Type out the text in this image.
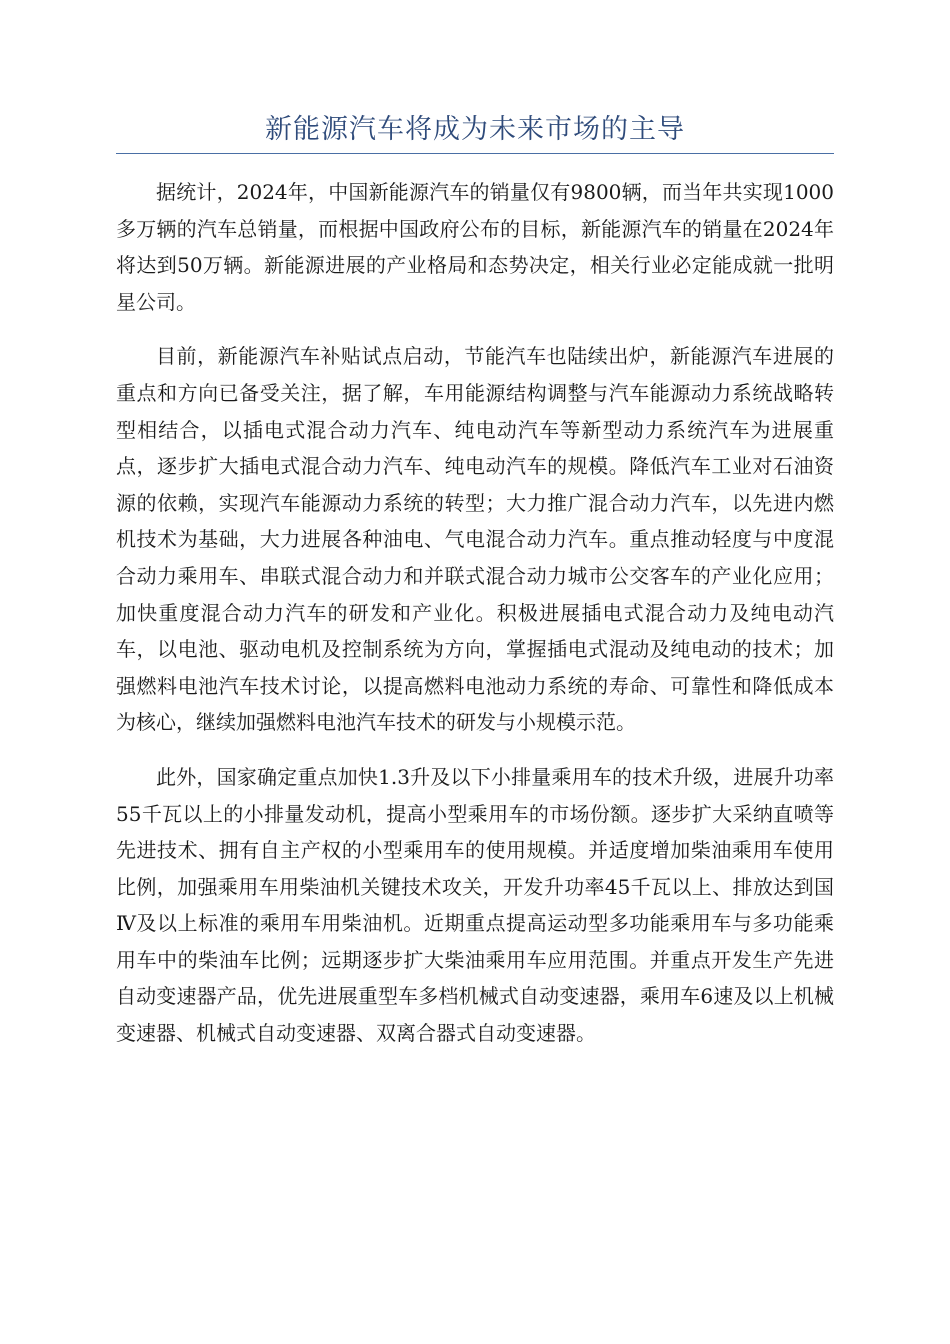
新能源汽车将成为未来市场的主导

据统计，2024年，中国新能源汽车的销量仅有9800辆，而当年共实现1000多万辆的汽车总销量，而根据中国政府公布的目标，新能源汽车的销量在2024年将达到50万辆。新能源进展的产业格局和态势决定，相关行业必定能成就一批明星公司。

目前，新能源汽车补贴试点启动，节能汽车也陆续出炉，新能源汽车进展的重点和方向已备受关注，据了解，车用能源结构调整与汽车能源动力系统战略转型相结合，以插电式混合动力汽车、纯电动汽车等新型动力系统汽车为进展重点，逐步扩大插电式混合动力汽车、纯电动汽车的规模。降低汽车工业对石油资源的依赖，实现汽车能源动力系统的转型；大力推广混合动力汽车，以先进内燃机技术为基础，大力进展各种油电、气电混合动力汽车。重点推动轻度与中度混合动力乘用车、串联式混合动力和并联式混合动力城市公交客车的产业化应用；加快重度混合动力汽车的研发和产业化。积极进展插电式混合动力及纯电动汽车，以电池、驱动电机及控制系统为方向，掌握插电式混动及纯电动的技术；加强燃料电池汽车技术讨论，以提高燃料电池动力系统的寿命、可靠性和降低成本为核心，继续加强燃料电池汽车技术的研发与小规模示范。

此外，国家确定重点加快1.3升及以下小排量乘用车的技术升级，进展升功率55千瓦以上的小排量发动机，提高小型乘用车的市场份额。逐步扩大采纳直喷等先进技术、拥有自主产权的小型乘用车的使用规模。并适度增加柴油乘用车使用比例，加强乘用车用柴油机关键技术攻关，开发升功率45千瓦以上、排放达到国Ⅳ及以上标准的乘用车用柴油机。近期重点提高运动型多功能乘用车与多功能乘用车中的柴油车比例；远期逐步扩大柴油乘用车应用范围。并重点开发生产先进自动变速器产品，优先进展重型车多档机械式自动变速器，乘用车6速及以上机械变速器、机械式自动变速器、双离合器式自动变速器。
